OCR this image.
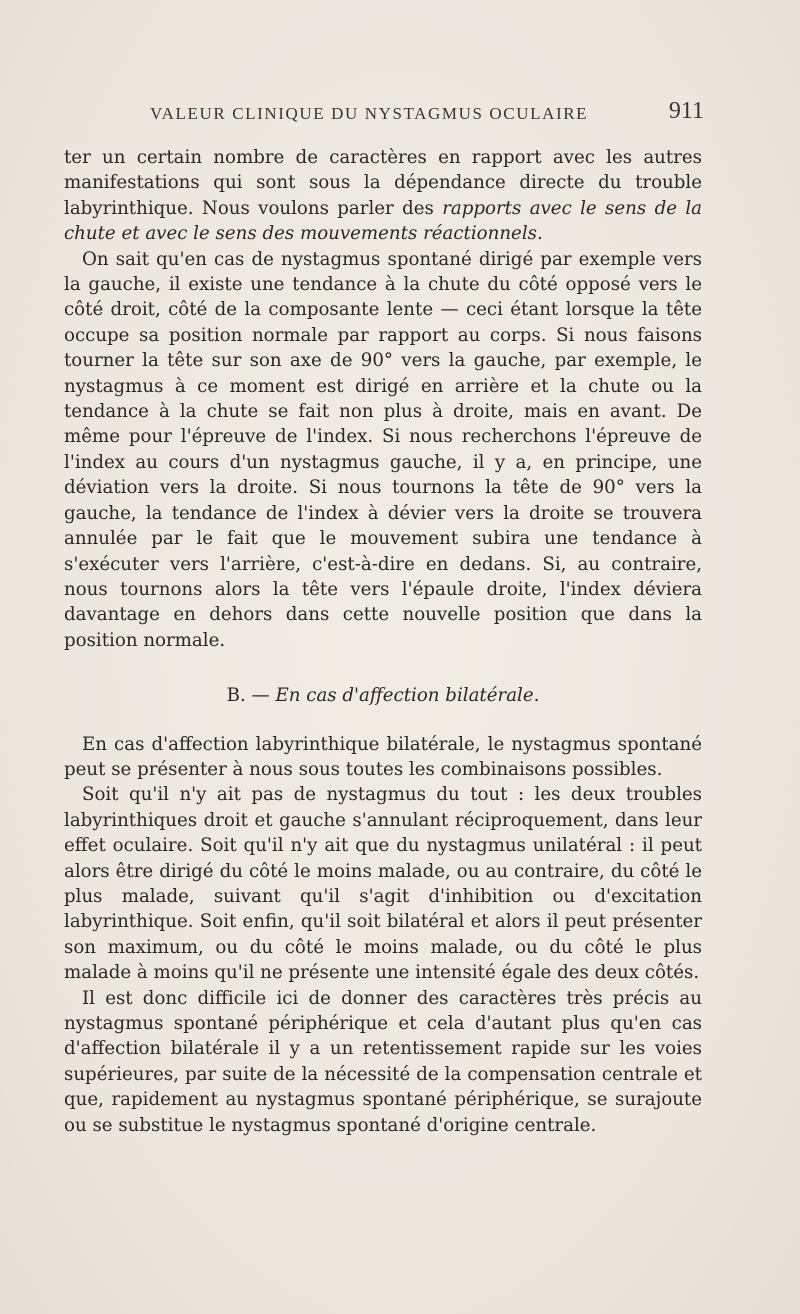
VALEUR CLINIQUE DU NYSTAGMUS OCULAIRE	911

ter un certain nombre de caractères en rapport avec les autres manifestations qui sont sous la dépendance directe du trouble labyrinthique. Nous voulons parler des rapports avec le sens de la chute et avec le sens des mouvements réactionnels.

On sait qu'en cas de nystagmus spontané dirigé par exemple vers la gauche, il existe une tendance à la chute du côté opposé vers le côté droit, côté de la composante lente — ceci étant lorsque la tête occupe sa position normale par rapport au corps. Si nous faisons tourner la tête sur son axe de 90° vers la gauche, par exemple, le nystagmus à ce moment est dirigé en arrière et la chute ou la tendance à la chute se fait non plus à droite, mais en avant. De même pour l'épreuve de l'index. Si nous recherchons l'épreuve de l'index au cours d'un nystagmus gauche, il y a, en principe, une déviation vers la droite. Si nous tournons la tête de 90° vers la gauche, la tendance de l'index à dévier vers la droite se trouvera annulée par le fait que le mouvement subira une tendance à s'exécuter vers l'arrière, c'est-à-dire en dedans. Si, au contraire, nous tournons alors la tête vers l'épaule droite, l'index déviera davantage en dehors dans cette nouvelle position que dans la position normale.

B. — En cas d'affection bilatérale.

En cas d'affection labyrinthique bilatérale, le nystagmus spontané peut se présenter à nous sous toutes les combinaisons possibles.

Soit qu'il n'y ait pas de nystagmus du tout : les deux troubles labyrinthiques droit et gauche s'annulant réciproquement, dans leur effet oculaire. Soit qu'il n'y ait que du nystagmus unilatéral : il peut alors être dirigé du côté le moins malade, ou au contraire, du côté le plus malade, suivant qu'il s'agit d'inhibition ou d'excitation labyrinthique. Soit enfin, qu'il soit bilatéral et alors il peut présenter son maximum, ou du côté le moins malade, ou du côté le plus malade à moins qu'il ne présente une intensité égale des deux côtés.

Il est donc difficile ici de donner des caractères très précis au nystagmus spontané périphérique et cela d'autant plus qu'en cas d'affection bilatérale il y a un retentissement rapide sur les voies supérieures, par suite de la nécessité de la compensation centrale et que, rapidement au nystagmus spontané périphérique, se surajoute ou se substitue le nystagmus spontané d'origine centrale.
